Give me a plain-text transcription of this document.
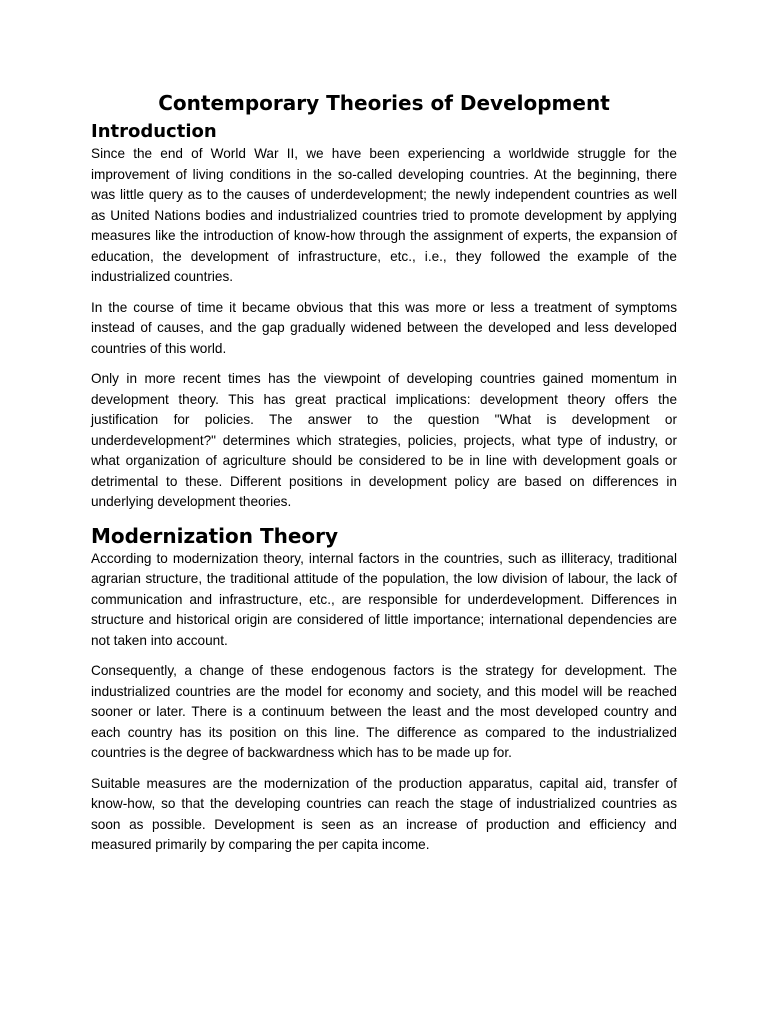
Contemporary Theories of Development
Introduction

Since the end of World War II, we have been experiencing a worldwide struggle for the improvement of living conditions in the so-called developing countries. At the beginning, there was little query as to the causes of underdevelopment; the newly independent countries as well as United Nations bodies and industrialized countries tried to promote development by applying measures like the introduction of know-how through the assignment of experts, the expansion of education, the development of infrastructure, etc., i.e., they followed the example of the industrialized countries.

In the course of time it became obvious that this was more or less a treatment of symptoms instead of causes, and the gap gradually widened between the developed and less developed countries of this world.

Only in more recent times has the viewpoint of developing countries gained momentum in development theory. This has great practical implications: development theory offers the justification for policies. The answer to the question "What is development or underdevelopment?" determines which strategies, policies, projects, what type of industry, or what organization of agriculture should be considered to be in line with development goals or detrimental to these. Different positions in development policy are based on differences in underlying development theories.

Modernization Theory

According to modernization theory, internal factors in the countries, such as illiteracy, traditional agrarian structure, the traditional attitude of the population, the low division of labour, the lack of communication and infrastructure, etc., are responsible for underdevelopment. Differences in structure and historical origin are considered of little importance; international dependencies are not taken into account.

Consequently, a change of these endogenous factors is the strategy for development. The industrialized countries are the model for economy and society, and this model will be reached sooner or later. There is a continuum between the least and the most developed country and each country has its position on this line. The difference as compared to the industrialized countries is the degree of backwardness which has to be made up for.

Suitable measures are the modernization of the production apparatus, capital aid, transfer of know-how, so that the developing countries can reach the stage of industrialized countries as soon as possible. Development is seen as an increase of production and efficiency and measured primarily by comparing the per capita income.
